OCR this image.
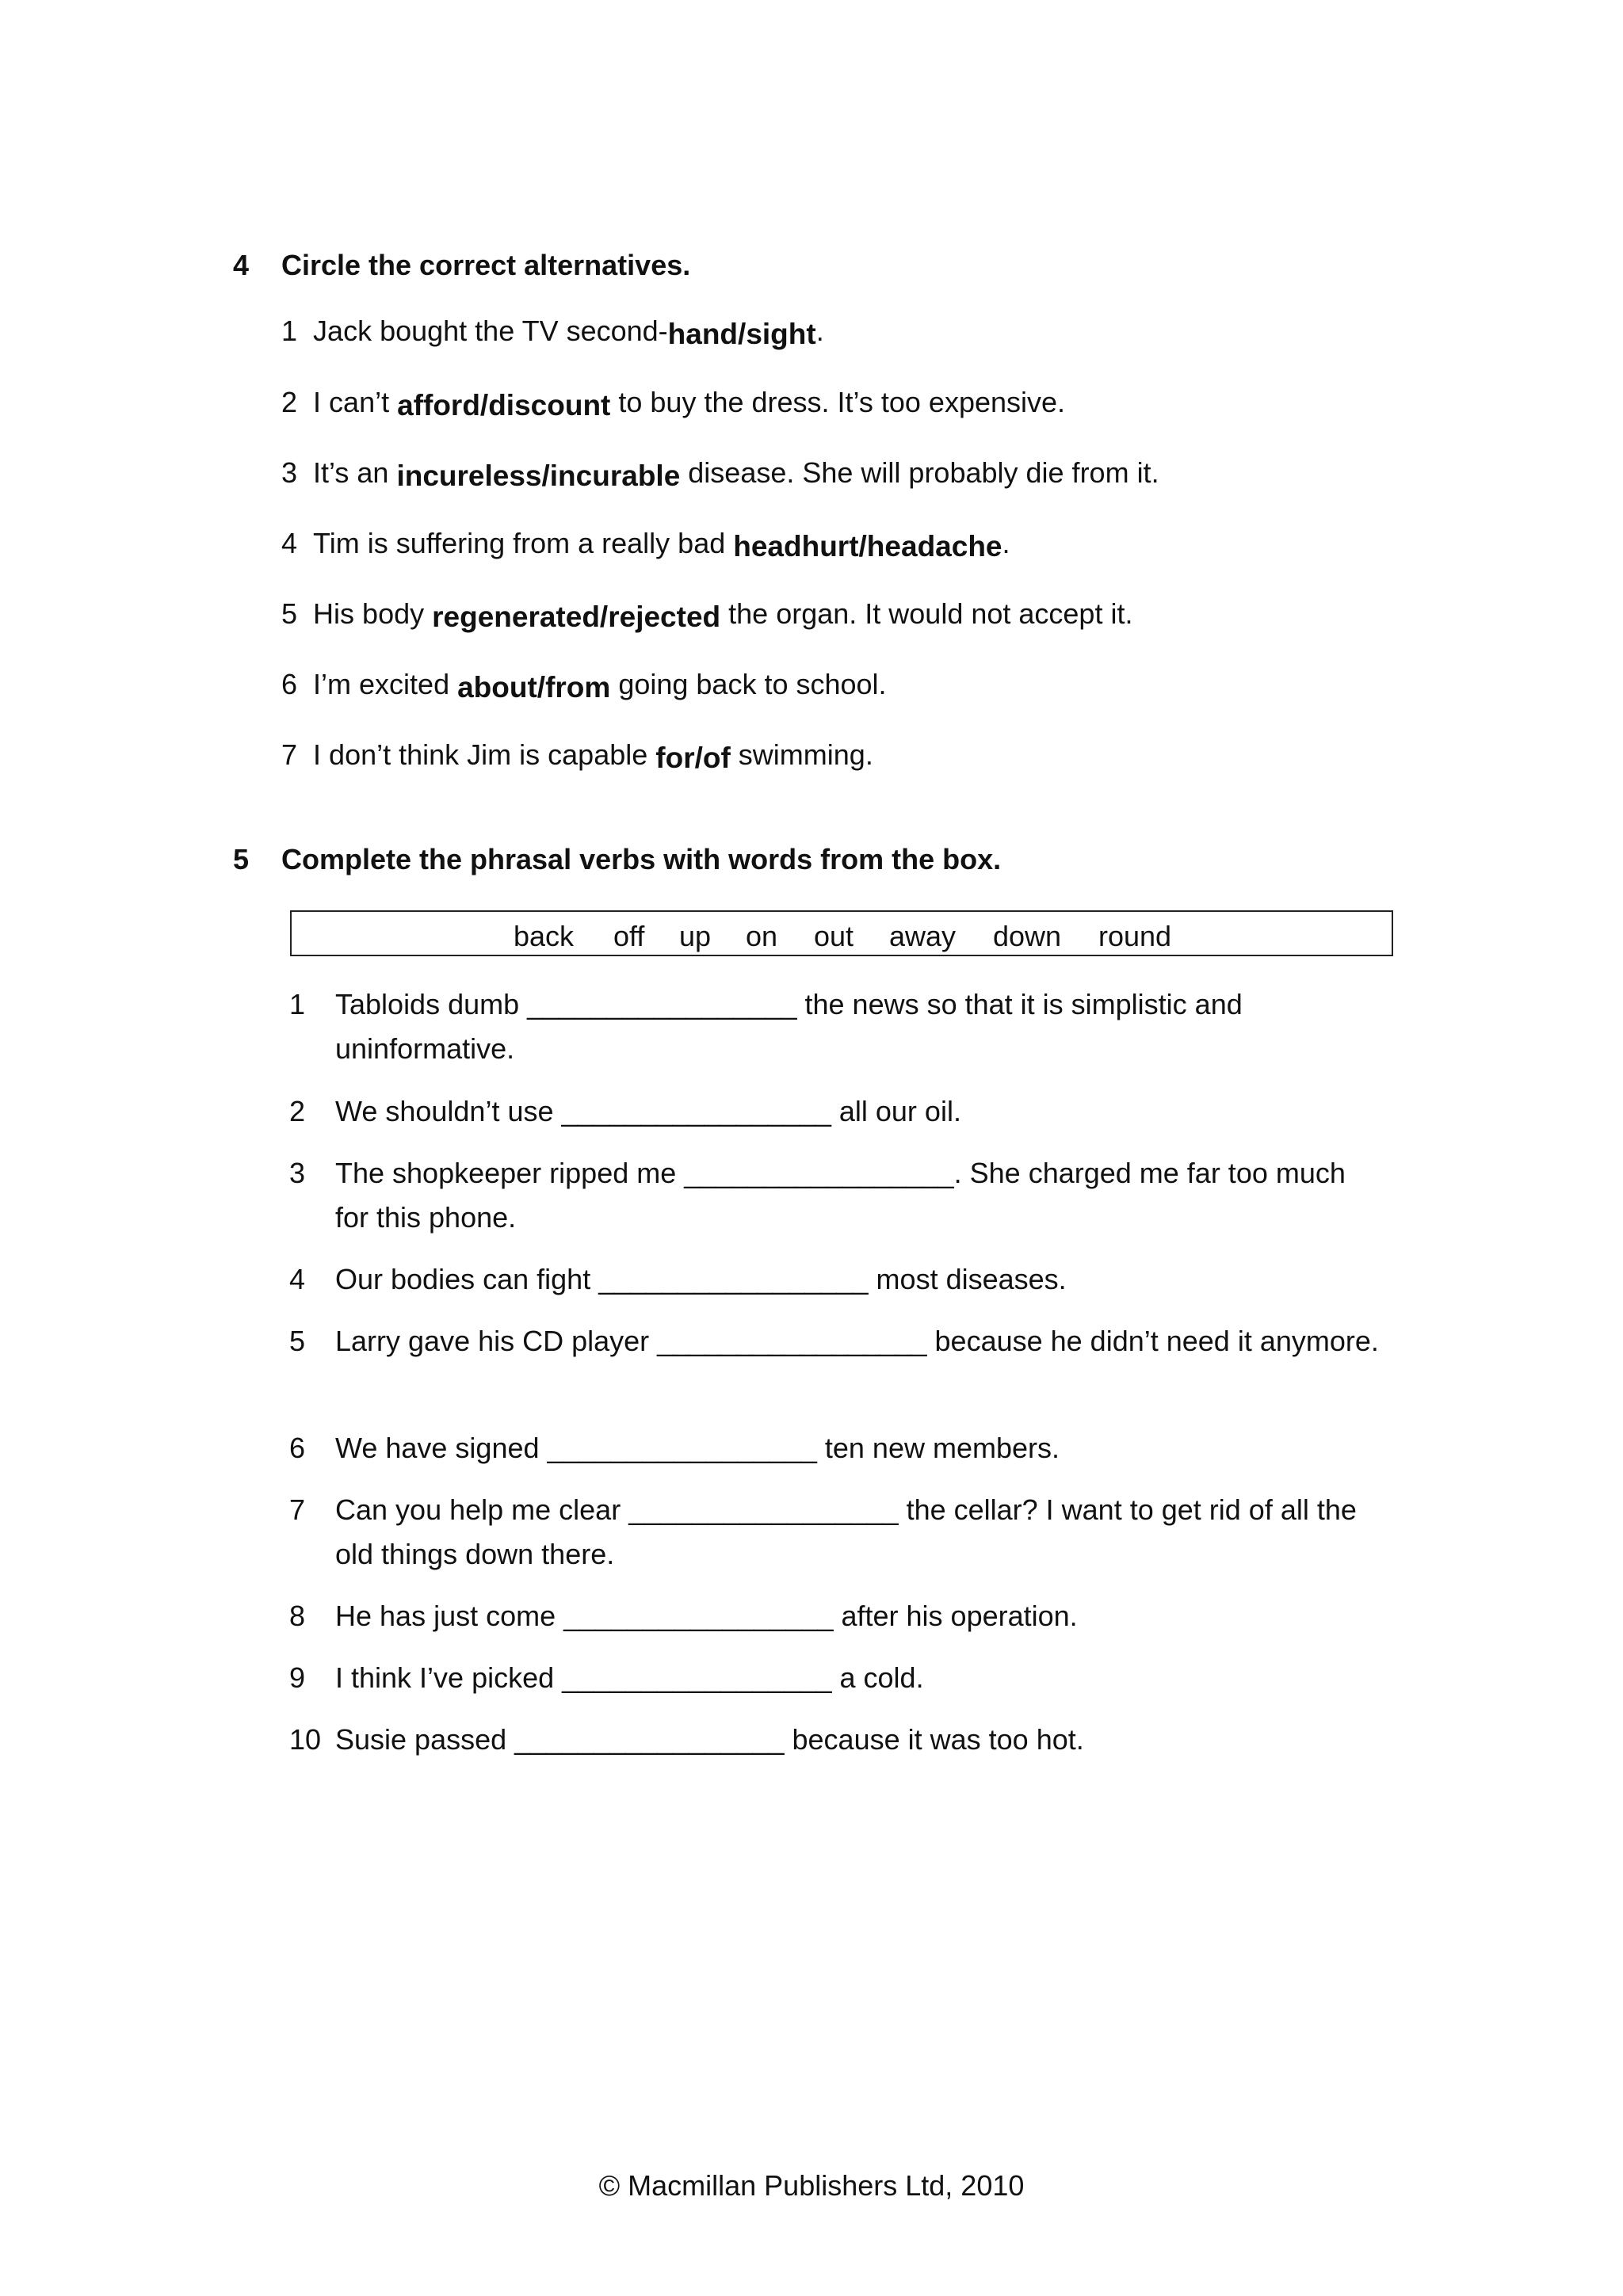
4 Circle the correct alternatives.
1 Jack bought the TV second-hand/sight.
2 I can’t afford/discount to buy the dress. It’s too expensive.
3 It’s an incureless/incurable disease. She will probably die from it.
4 Tim is suffering from a really bad headhurt/headache.
5 His body regenerated/rejected the organ. It would not accept it.
6 I’m excited about/from going back to school.
7 I don’t think Jim is capable for/of swimming.
5 Complete the phrasal verbs with words from the box.
back off up on out away down round
1 Tabloids dumb _________________ the news so that it is simplistic and uninformative.
2 We shouldn’t use _________________ all our oil.
3 The shopkeeper ripped me _________________. She charged me far too much for this phone.
4 Our bodies can fight _________________ most diseases.
5 Larry gave his CD player _________________ because he didn’t need it anymore.
6 We have signed _________________ ten new members.
7 Can you help me clear _________________ the cellar? I want to get rid of all the old things down there.
8 He has just come _________________ after his operation.
9 I think I’ve picked _________________ a cold.
10 Susie passed _________________ because it was too hot.
© Macmillan Publishers Ltd, 2010
